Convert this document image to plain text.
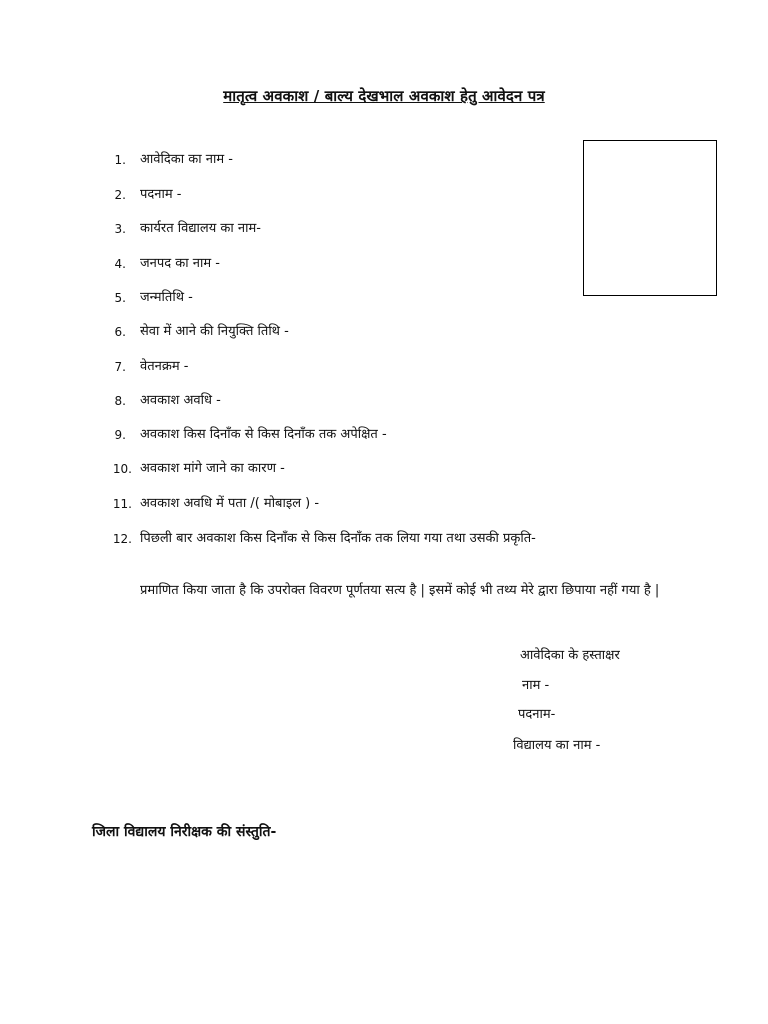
मातृत्व अवकाश / बाल्य देखभाल अवकाश हेतु आवेदन पत्र
1. आवेदिका का नाम -
2. पदनाम -
3. कार्यरत विद्यालय का नाम-
4. जनपद का नाम -
5. जन्मतिथि -
6. सेवा में आने की नियुक्ति तिथि -
7. वेतनक्रम -
8. अवकाश अवधि -
9. अवकाश किस दिनाँक से किस दिनाँक तक अपेक्षित -
10. अवकाश मांगे जाने का कारण -
11. अवकाश अवधि में पता /( मोबाइल ) -
12. पिछली बार अवकाश किस दिनाँक से किस दिनाँक तक लिया गया तथा उसकी प्रकृति-
प्रमाणित किया जाता है कि उपरोक्त विवरण पूर्णतया सत्य है | इसमें कोई भी तथ्य मेरे द्वारा छिपाया नहीं गया है |
आवेदिका के हस्ताक्षर
नाम -
पदनाम-
विद्यालय का नाम -
जिला विद्यालय निरीक्षक की संस्तुति-
